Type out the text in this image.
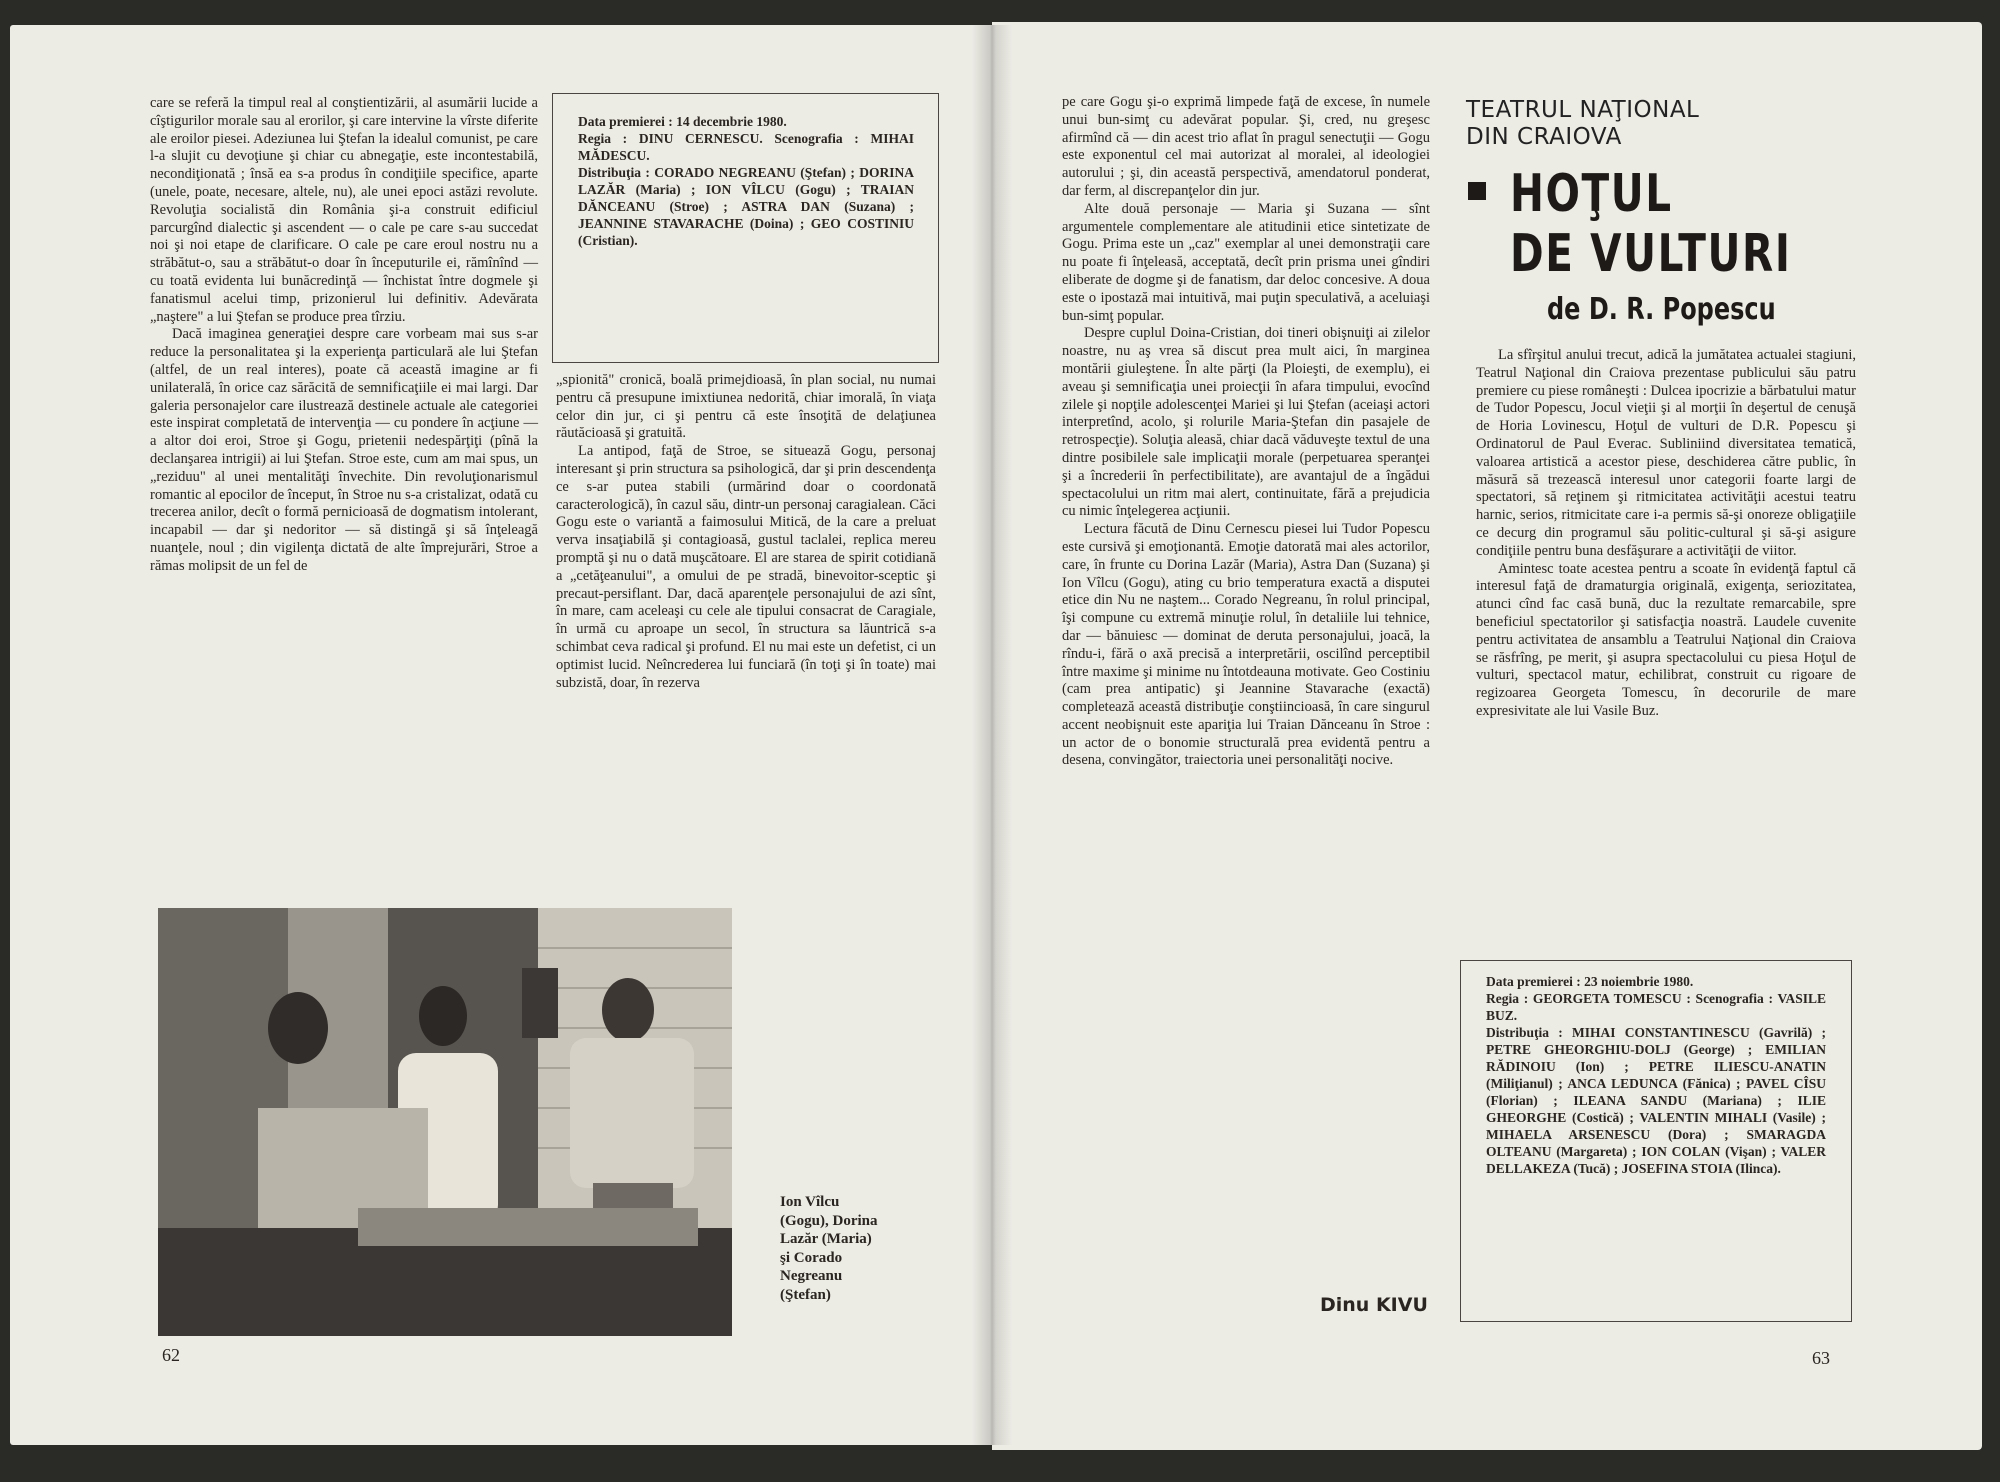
care se referă la timpul real al conştientizării, al asumării lucide a cîştigurilor morale sau al erorilor, şi care intervine la vîrste diferite ale eroilor piesei. Adeziunea lui Ştefan la idealul comunist, pe care l-a slujit cu devoţiune şi chiar cu abnegaţie, este incontestabilă, necondiţionată ; însă ea s-a produs în condiţiile specifice, aparte (unele, poate, necesare, altele, nu), ale unei epoci astăzi revolute. Revoluţia socialistă din România şi-a construit edificiul parcurgînd dialectic şi ascendent — o cale pe care s-au succedat noi şi noi etape de clarificare. O cale pe care eroul nostru nu a străbătut-o, sau a străbătut-o doar în începuturile ei, rămînînd — cu toată evidenta lui bunăcredinţă — închistat între dogmele şi fanatismul acelui timp, prizonierul lui definitiv. Adevărata „naştere" a lui Ştefan se produce prea tîrziu.

Dacă imaginea generaţiei despre care vorbeam mai sus s-ar reduce la personalitatea şi la experienţa particulară ale lui Ştefan (altfel, de un real interes), poate că această imagine ar fi unilaterală, în orice caz sărăcită de semnificaţiile ei mai largi. Dar galeria personajelor care ilustrează destinele actuale ale categoriei este inspirat completată de intervenţia — cu pondere în acţiune — a altor doi eroi, Stroe şi Gogu, prietenii nedespărţiţi (pînă la declanşarea intrigii) ai lui Ştefan. Stroe este, cum am mai spus, un „reziduu" al unei mentalităţi învechite. Din revoluţionarismul romantic al epocilor de început, în Stroe nu s-a cristalizat, odată cu trecerea anilor, decît o formă pernicioasă de dogmatism intolerant, incapabil — dar şi nedoritor — să distingă şi să înţeleagă nuanţele, noul ; din vigilenţa dictată de alte împrejurări, Stroe a rămas molipsit de un fel de

Data premierei : 14 decembrie 1980.
Regia : DINU CERNESCU. Scenografia : MIHAI MĂDESCU.
Distribuţia : CORADO NEGREANU (Ştefan) ; DORINA LAZĂR (Maria) ; ION VÎLCU (Gogu) ; TRAIAN DĂNCEANU (Stroe) ; ASTRA DAN (Suzana) ; JEANNINE STAVARACHE (Doina) ; GEO COSTINIU (Cristian).

„spionită" cronică, boală primejdioasă, în plan social, nu numai pentru că presupune imixtiunea nedorită, chiar imorală, în viaţa celor din jur, ci şi pentru că este însoţită de delaţiunea răutăcioasă şi gratuită.

La antipod, faţă de Stroe, se situează Gogu, personaj interesant şi prin structura sa psihologică, dar şi prin descendenţa ce s-ar putea stabili (urmărind doar o coordonată caracterologică), în cazul său, dintr-un personaj caragialean. Căci Gogu este o variantă a faimosului Mitică, de la care a preluat verva insaţiabilă şi contagioasă, gustul taclalei, replica mereu promptă şi nu o dată muşcătoare. El are starea de spirit cotidiană a „cetăţeanului", a omului de pe stradă, binevoitor-sceptic şi precaut-persiflant. Dar, dacă aparenţele personajului de azi sînt, în mare, cam aceleaşi cu cele ale tipului consacrat de Caragiale, în urmă cu aproape un secol, în structura sa lăuntrică s-a schimbat ceva radical şi profund. El nu mai este un defetist, ci un optimist lucid. Neîncrederea lui funciară (în toţi şi în toate) mai subzistă, doar, în rezerva

Ion Vîlcu (Gogu), Dorina Lazăr (Maria) şi Corado Negreanu (Ştefan)
62

pe care Gogu şi-o exprimă limpede faţă de excese, în numele unui bun-simţ cu adevărat popular. Şi, cred, nu greşesc afirmînd că — din acest trio aflat în pragul senectuţii — Gogu este exponentul cel mai autorizat al moralei, al ideologiei autorului ; şi, din această perspectivă, amendatorul ponderat, dar ferm, al discrepanţelor din jur.

Alte două personaje — Maria şi Suzana — sînt argumentele complementare ale atitudinii etice sintetizate de Gogu. Prima este un „caz" exemplar al unei demonstraţii care nu poate fi înţeleasă, acceptată, decît prin prisma unei gîndiri eliberate de dogme şi de fanatism, dar deloc concesive. A doua este o ipostază mai intuitivă, mai puţin speculativă, a aceluiaşi bun-simţ popular.

Despre cuplul Doina-Cristian, doi tineri obişnuiţi ai zilelor noastre, nu aş vrea să discut prea mult aici, în marginea montării giuleştene. În alte părţi (la Ploieşti, de exemplu), ei aveau şi semnificaţia unei proiecţii în afara timpului, evocînd zilele şi nopţile adolescenţei Mariei şi lui Ştefan (aceiaşi actori interpretînd, acolo, şi rolurile Maria-Ştefan din pasajele de retrospecţie). Soluţia aleasă, chiar dacă văduveşte textul de una dintre posibilele sale implicaţii morale (perpetuarea speranţei şi a încrederii în perfectibilitate), are avantajul de a îngădui spectacolului un ritm mai alert, continuitate, fără a prejudicia cu nimic înţelegerea acţiunii.

Lectura făcută de Dinu Cernescu piesei lui Tudor Popescu este cursivă şi emoţionantă. Emoţie datorată mai ales actorilor, care, în frunte cu Dorina Lazăr (Maria), Astra Dan (Suzana) şi Ion Vîlcu (Gogu), ating cu brio temperatura exactă a disputei etice din Nu ne naştem... Corado Negreanu, în rolul principal, îşi compune cu extremă minuţie rolul, în detaliile lui tehnice, dar — bănuiesc — dominat de deruta personajului, joacă, la rîndu-i, fără o axă precisă a interpretării, oscilînd perceptibil între maxime şi minime nu întotdeauna motivate. Geo Costiniu (cam prea antipatic) şi Jeannine Stavarache (exactă) completează această distribuţie conştiincioasă, în care singurul accent neobişnuit este apariţia lui Traian Dănceanu în Stroe : un actor de o bonomie structurală prea evidentă pentru a desena, convingător, traiectoria unei personalităţi nocive.

Dinu KIVU
TEATRUL NAŢIONAL
DIN CRAIOVA
HOŢUL
DE VULTURI
de D. R. Popescu

La sfîrşitul anului trecut, adică la jumătatea actualei stagiuni, Teatrul Naţional din Craiova prezentase publicului său patru premiere cu piese româneşti : Dulcea ipocrizie a bărbatului matur de Tudor Popescu, Jocul vieţii şi al morţii în deşertul de cenuşă de Horia Lovinescu, Hoţul de vulturi de D.R. Popescu şi Ordinatorul de Paul Everac. Subliniind diversitatea tematică, valoarea artistică a acestor piese, deschiderea către public, în măsură să trezească interesul unor categorii foarte largi de spectatori, să reţinem şi ritmicitatea activităţii acestui teatru harnic, serios, ritmicitate care i-a permis să-şi onoreze obligaţiile ce decurg din programul său politic-cultural şi să-şi asigure condiţiile pentru buna desfăşurare a activităţii de viitor.

Amintesc toate acestea pentru a scoate în evidenţă faptul că interesul faţă de dramaturgia originală, exigenţa, seriozitatea, atunci cînd fac casă bună, duc la rezultate remarcabile, spre beneficiul spectatorilor şi satisfacţia noastră. Laudele cuvenite pentru activitatea de ansamblu a Teatrului Naţional din Craiova se răsfrîng, pe merit, şi asupra spectacolului cu piesa Hoţul de vulturi, spectacol matur, echilibrat, construit cu rigoare de regizoarea Georgeta Tomescu, în decorurile de mare expresivitate ale lui Vasile Buz.

Data premierei : 23 noiembrie 1980.
Regia : GEORGETA TOMESCU : Scenografia : VASILE BUZ.
Distribuţia : MIHAI CONSTANTINESCU (Gavrilă) ; PETRE GHEORGHIU-DOLJ (George) ; EMILIAN RĂDINOIU (Ion) ; PETRE ILIESCU-ANATIN (Miliţianul) ; ANCA LEDUNCA (Fănica) ; PAVEL CÎSU (Florian) ; ILEANA SANDU (Mariana) ; ILIE GHEORGHE (Costică) ; VALENTIN MIHALI (Vasile) ; MIHAELA ARSENESCU (Dora) ; SMARAGDA OLTEANU (Margareta) ; ION COLAN (Vişan) ; VALER DELLAKEZA (Tucă) ; JOSEFINA STOIA (Ilinca).
63
